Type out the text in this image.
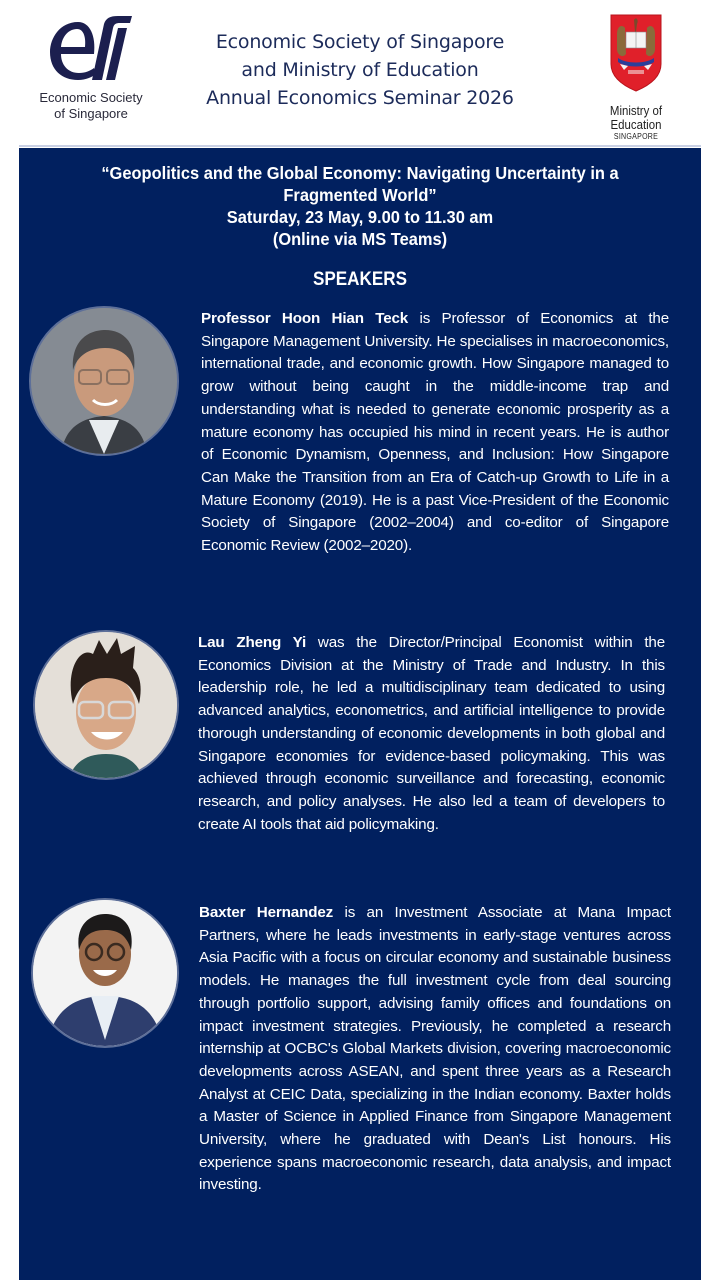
Economic Society
of Singapore
Economic Society of Singapore
and Ministry of Education
Annual Economics Seminar 2026
Ministry of Education
SINGAPORE
“Geopolitics and the Global Economy: Navigating Uncertainty in a
Fragmented World”
Saturday, 23 May, 9.00 to 11.30 am
(Online via MS Teams)
SPEAKERS
Professor Hoon Hian Teck is Professor of Economics at the Singapore Management University. He specialises in macroeconomics, international trade, and economic growth. How Singapore managed to grow without being caught in the middle-income trap and understanding what is needed to generate economic prosperity as a mature economy has occupied his mind in recent years. He is author of Economic Dynamism, Openness, and Inclusion: How Singapore Can Make the Transition from an Era of Catch-up Growth to Life in a Mature Economy (2019). He is a past Vice-President of the Economic Society of Singapore (2002–2004) and co-editor of Singapore Economic Review (2002–2020).
Lau Zheng Yi was the Director/Principal Economist within the Economics Division at the Ministry of Trade and Industry. In this leadership role, he led a multidisciplinary team dedicated to using advanced analytics, econometrics, and artificial intelligence to provide thorough understanding of economic developments in both global and Singapore economies for evidence-based policymaking. This was achieved through economic surveillance and forecasting, economic research, and policy analyses. He also led a team of developers to create AI tools that aid policymaking.
Baxter Hernandez is an Investment Associate at Mana Impact Partners, where he leads investments in early-stage ventures across Asia Pacific with a focus on circular economy and sustainable business models. He manages the full investment cycle from deal sourcing through portfolio support, advising family offices and foundations on impact investment strategies. Previously, he completed a research internship at OCBC's Global Markets division, covering macroeconomic developments across ASEAN, and spent three years as a Research Analyst at CEIC Data, specializing in the Indian economy. Baxter holds a Master of Science in Applied Finance from Singapore Management University, where he graduated with Dean's List honours. His experience spans macroeconomic research, data analysis, and impact investing.
